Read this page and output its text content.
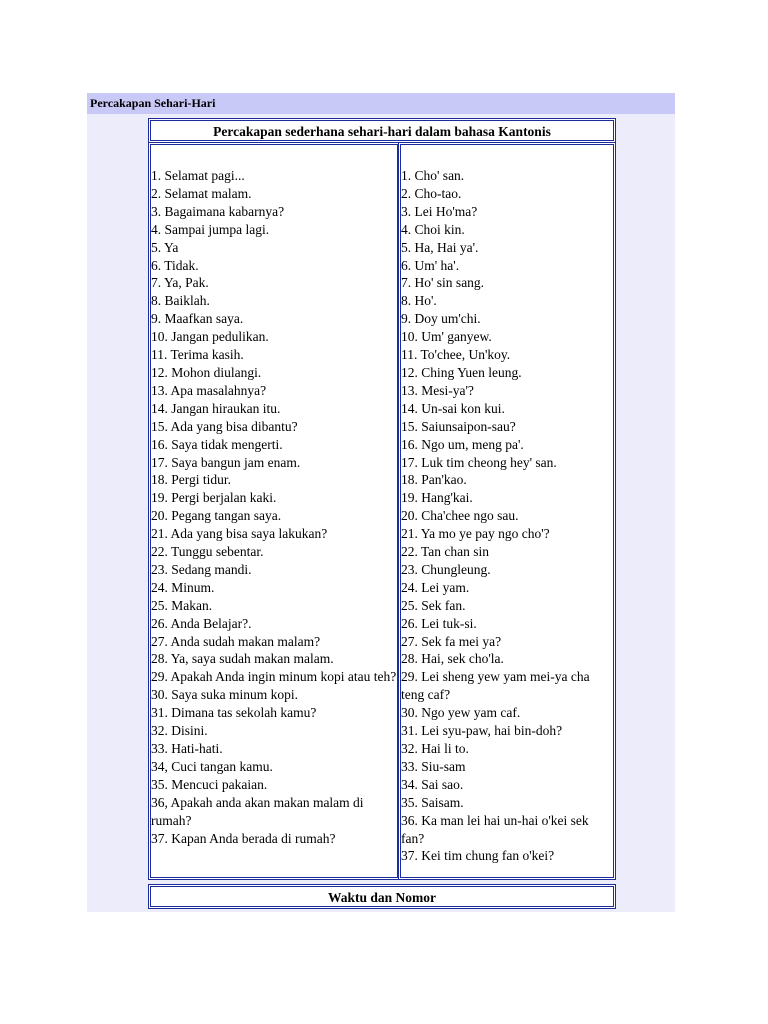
Percakapan Sehari-Hari
Percakapan sederhana sehari-hari dalam bahasa Kantonis
1. Selamat pagi...
2. Selamat malam.
3. Bagaimana kabarnya?
4. Sampai jumpa lagi.
5. Ya
6. Tidak.
7. Ya, Pak.
8. Baiklah.
9. Maafkan saya.
10. Jangan pedulikan.
11. Terima kasih.
12. Mohon diulangi.
13. Apa masalahnya?
14. Jangan hiraukan itu.
15. Ada yang bisa dibantu?
16. Saya tidak mengerti.
17. Saya bangun jam enam.
18. Pergi tidur.
19. Pergi berjalan kaki.
20. Pegang tangan saya.
21. Ada yang bisa saya lakukan?
22. Tunggu sebentar.
23. Sedang mandi.
24. Minum.
25. Makan.
26. Anda Belajar?.
27. Anda sudah makan malam?
28. Ya, saya sudah makan malam.
29. Apakah Anda ingin minum kopi atau teh?
30. Saya suka minum kopi.
31. Dimana tas sekolah kamu?
32. Disini.
33. Hati-hati.
34, Cuci tangan kamu.
35. Mencuci pakaian.
36, Apakah anda akan makan malam di rumah?
37. Kapan Anda berada di rumah?
1. Cho' san.
2. Cho-tao.
3. Lei Ho'ma?
4. Choi kin.
5. Ha, Hai ya'.
6. Um' ha'.
7. Ho' sin sang.
8. Ho'.
9. Doy um'chi.
10. Um' ganyew.
11. To'chee, Un'koy.
12. Ching Yuen leung.
13. Mesi-ya'?
14. Un-sai kon kui.
15. Saiunsaipon-sau?
16. Ngo um, meng pa'.
17. Luk tim cheong hey' san.
18. Pan'kao.
19. Hang'kai.
20. Cha'chee ngo sau.
21. Ya mo ye pay ngo cho'?
22. Tan chan sin
23. Chungleung.
24. Lei yam.
25. Sek fan.
26. Lei tuk-si.
27. Sek fa mei ya?
28. Hai, sek cho'la.
29. Lei sheng yew yam mei-ya cha teng caf?
30. Ngo yew yam caf.
31. Lei syu-paw, hai bin-doh?
32. Hai li to.
33. Siu-sam
34. Sai sao.
35. Saisam.
36. Ka man lei hai un-hai o'kei sek fan?
37. Kei tim chung fan o'kei?
Waktu dan Nomor
